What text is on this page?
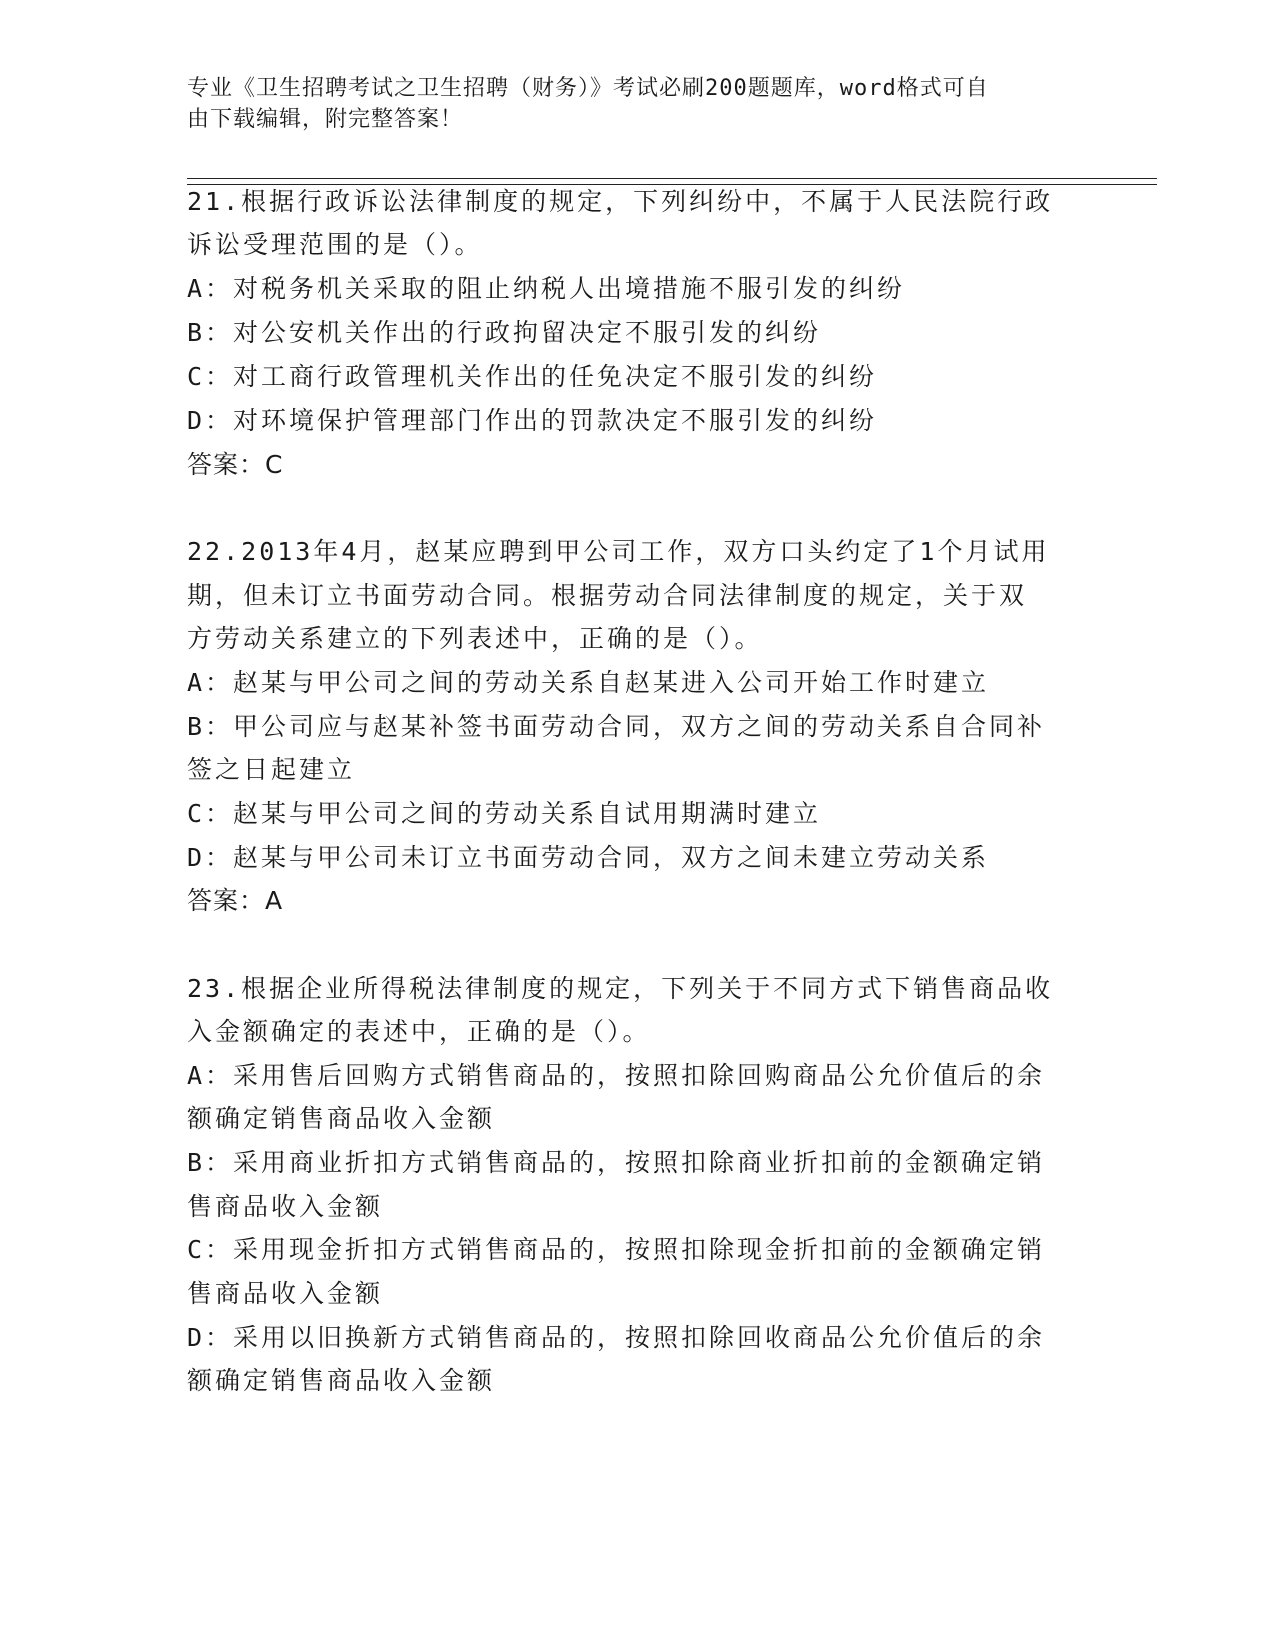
专业《卫生招聘考试之卫生招聘（财务）》考试必刷200题题库，word格式可自
由下载编辑，附完整答案！
21.根据行政诉讼法律制度的规定，下列纠纷中，不属于人民法院行政
诉讼受理范围的是（）。
A：对税务机关采取的阻止纳税人出境措施不服引发的纠纷
B：对公安机关作出的行政拘留决定不服引发的纠纷
C：对工商行政管理机关作出的任免决定不服引发的纠纷
D：对环境保护管理部门作出的罚款决定不服引发的纠纷
答案：C
22.2013年4月，赵某应聘到甲公司工作，双方口头约定了1个月试用
期，但未订立书面劳动合同。根据劳动合同法律制度的规定，关于双
方劳动关系建立的下列表述中，正确的是（）。
A：赵某与甲公司之间的劳动关系自赵某进入公司开始工作时建立
B：甲公司应与赵某补签书面劳动合同，双方之间的劳动关系自合同补
签之日起建立
C：赵某与甲公司之间的劳动关系自试用期满时建立
D：赵某与甲公司未订立书面劳动合同，双方之间未建立劳动关系
答案：A
23.根据企业所得税法律制度的规定，下列关于不同方式下销售商品收
入金额确定的表述中，正确的是（）。
A：采用售后回购方式销售商品的，按照扣除回购商品公允价值后的余
额确定销售商品收入金额
B：采用商业折扣方式销售商品的，按照扣除商业折扣前的金额确定销
售商品收入金额
C：采用现金折扣方式销售商品的，按照扣除现金折扣前的金额确定销
售商品收入金额
D：采用以旧换新方式销售商品的，按照扣除回收商品公允价值后的余
额确定销售商品收入金额
